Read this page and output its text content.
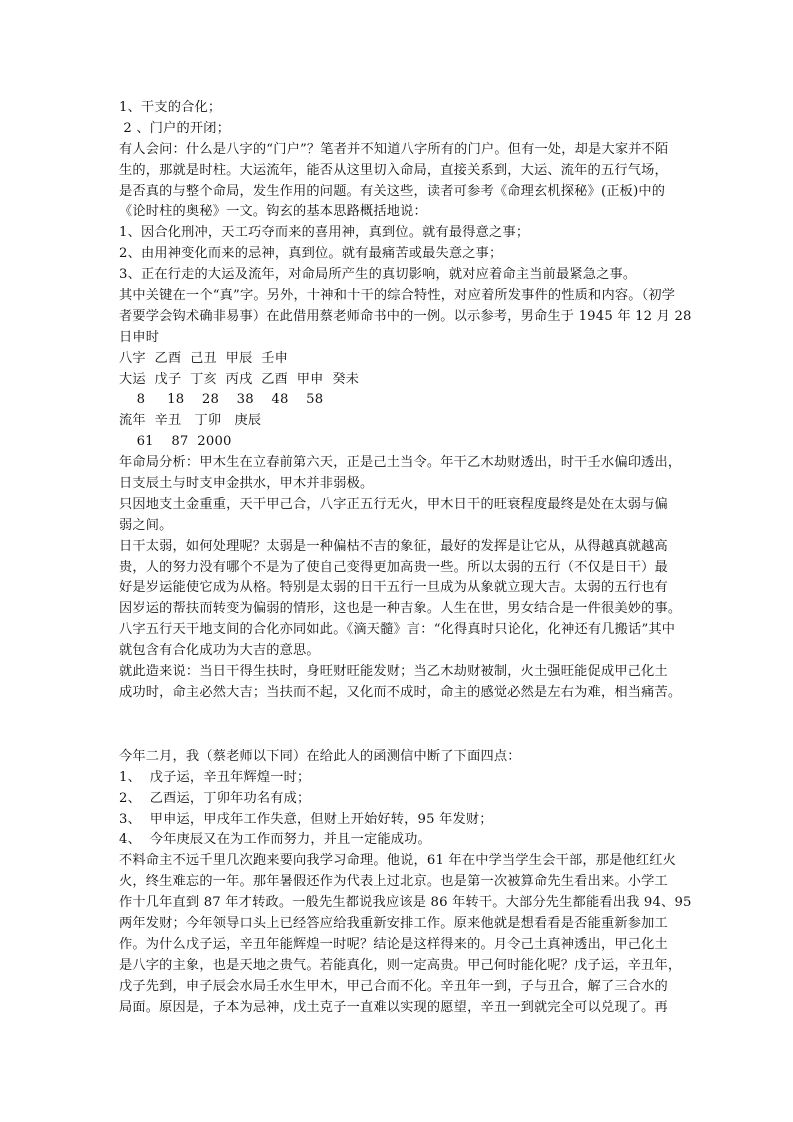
1、干支的合化；
2 、门户的开闭；
有人会问：什么是八字的“门户”？笔者并不知道八字所有的门户。但有一处，却是大家并不陌
生的，那就是时柱。大运流年，能否从这里切入命局，直接关系到，大运、流年的五行气场，
是否真的与整个命局，发生作用的问题。有关这些，读者可参考《命理玄机探秘》(正板)中的
《论时柱的奥秘》一文。钩玄的基本思路概括地说：
1、因合化刑冲，天工巧夺而来的喜用神，真到位。就有最得意之事；
2、由用神变化而来的忌神，真到位。就有最痛苦或最失意之事；
3、正在行走的大运及流年，对命局所产生的真切影响，就对应着命主当前最紧急之事。
其中关键在一个“真”字。另外，十神和十干的综合特性，对应着所发事件的性质和内容。（初学
者要学会钩术确非易事）在此借用蔡老师命书中的一例。以示参考，男命生于 1945 年 12 月 28
日申时
八字  乙酉  己丑  甲辰  壬申
大运  戊子  丁亥  丙戌  乙酉  甲申  癸未
8     18    28    38    48    58
流年  辛丑   丁卯   庚辰
61    87  2000
年命局分析：甲木生在立春前第六天，正是己土当令。年干乙木劫财透出，时干壬水偏印透出，
日支辰土与时支申金拱水，甲木并非弱极。
只因地支土金重重，天干甲己合，八字正五行无火，甲木日干的旺衰程度最终是处在太弱与偏
弱之间。
日干太弱，如何处理呢？太弱是一种偏枯不吉的象征，最好的发挥是让它从，从得越真就越高
贵，人的努力没有哪个不是为了使自己变得更加高贵一些。所以太弱的五行（不仅是日干）最
好是岁运能使它成为从格。特别是太弱的日干五行一旦成为从象就立现大吉。太弱的五行也有
因岁运的帮扶而转变为偏弱的情形，这也是一种吉象。人生在世，男女结合是一件很美妙的事。
八字五行天干地支间的合化亦同如此。《滴天髓》言：“化得真时只论化，化神还有几搬话”其中
就包含有合化成功为大吉的意思。
就此造来说：当日干得生扶时，身旺财旺能发财；当乙木劫财被制，火土强旺能促成甲己化土
成功时，命主必然大吉；当扶而不起，又化而不成时，命主的感觉必然是左右为难，相当痛苦。
今年二月，我（蔡老师以下同）在给此人的函测信中断了下面四点：
1、  戊子运，辛丑年辉煌一时；
2、  乙酉运，丁卯年功名有成；
3、  甲申运，甲戌年工作失意，但财上开始好转，95 年发财；
4、  今年庚辰又在为工作而努力，并且一定能成功。
不料命主不远千里几次跑来要向我学习命理。他说，61 年在中学当学生会干部，那是他红红火
火，终生难忘的一年。那年暑假还作为代表上过北京。也是第一次被算命先生看出来。小学工
作十几年直到 87 年才转政。一般先生都说我应该是 86 年转干。大部分先生都能看出我 94、95
两年发财；今年领导口头上已经答应给我重新安排工作。原来他就是想看看是否能重新参加工
作。为什么戊子运，辛丑年能辉煌一时呢？结论是这样得来的。月令己土真神透出，甲己化土
是八字的主象，也是天地之贵气。若能真化，则一定高贵。甲己何时能化呢？戊子运，辛丑年，
戊子先到，申子辰会水局壬水生甲木，甲己合而不化。辛丑年一到，子与丑合，解了三合水的
局面。原因是，子本为忌神，戊土克子一直难以实现的愿望，辛丑一到就完全可以兑现了。再
